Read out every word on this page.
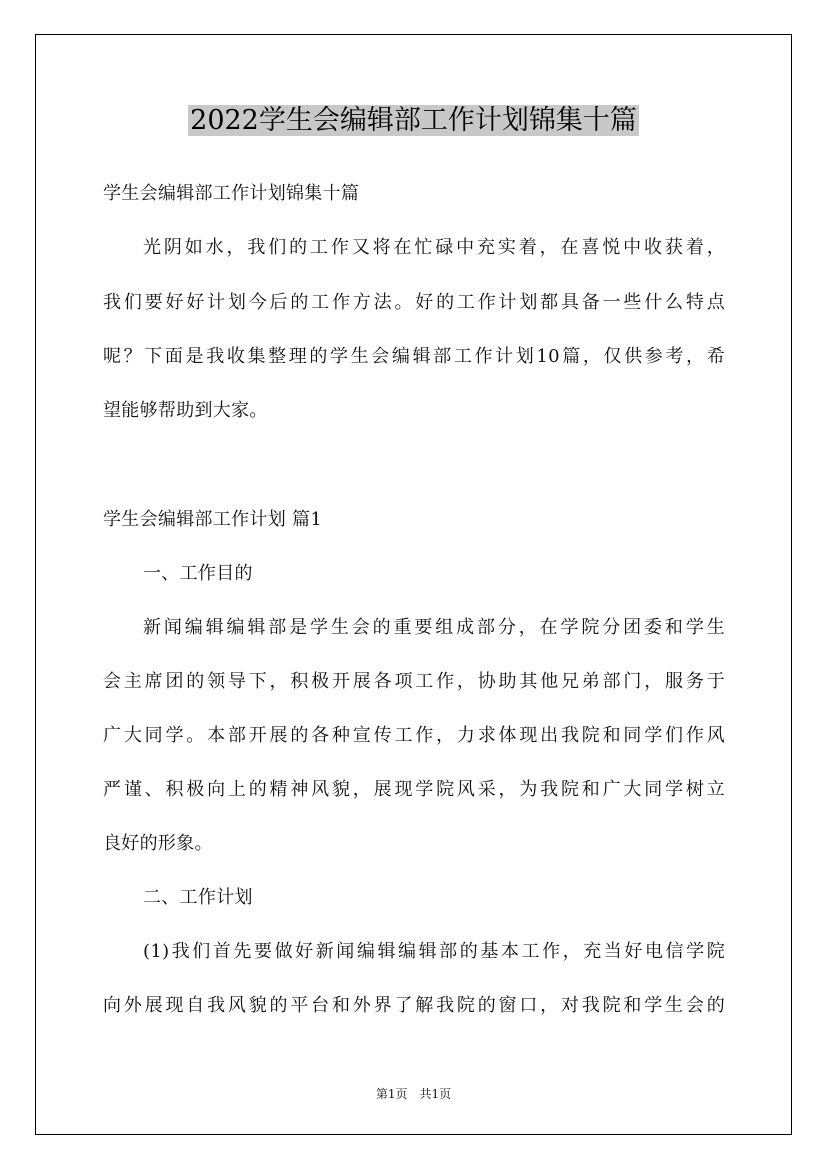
2022学生会编辑部工作计划锦集十篇
学生会编辑部工作计划锦集十篇
光阴如水，我们的工作又将在忙碌中充实着，在喜悦中收获着，
我们要好好计划今后的工作方法。好的工作计划都具备一些什么特点
呢？下面是我收集整理的学生会编辑部工作计划10篇，仅供参考，希
望能够帮助到大家。
学生会编辑部工作计划 篇1
一、工作目的
新闻编辑编辑部是学生会的重要组成部分，在学院分团委和学生
会主席团的领导下，积极开展各项工作，协助其他兄弟部门，服务于
广大同学。本部开展的各种宣传工作，力求体现出我院和同学们作风
严谨、积极向上的精神风貌，展现学院风采，为我院和广大同学树立
良好的形象。
二、工作计划
(1)我们首先要做好新闻编辑编辑部的基本工作，充当好电信学院
向外展现自我风貌的平台和外界了解我院的窗口，对我院和学生会的
第1页　共1页
